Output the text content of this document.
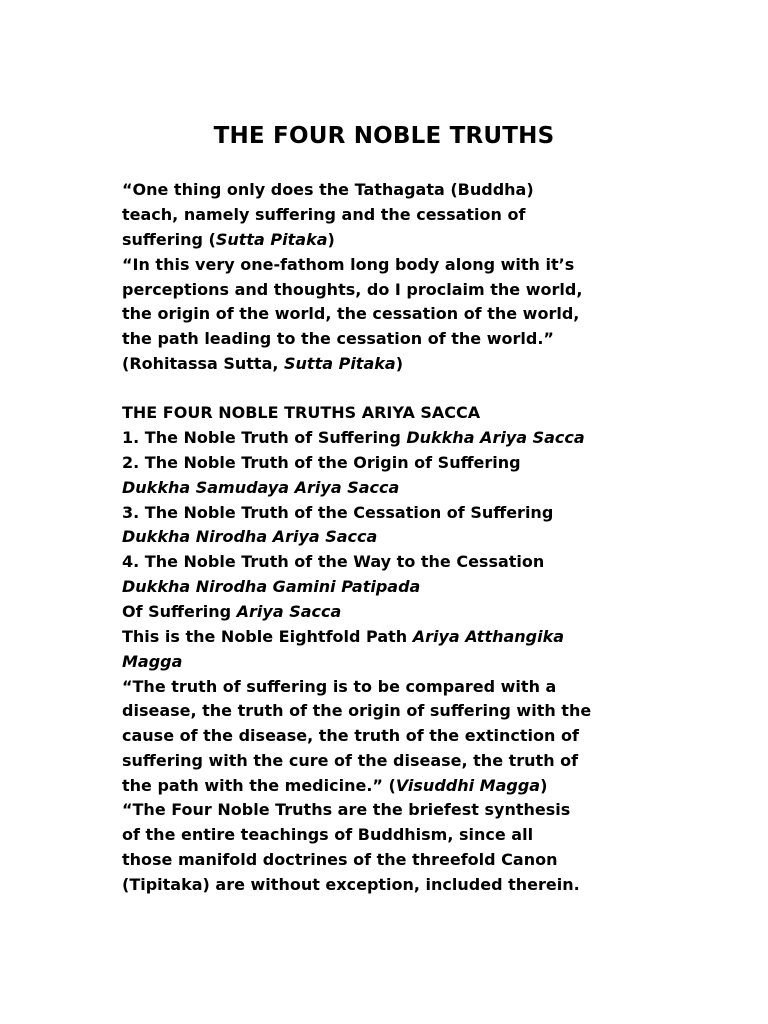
THE FOUR NOBLE TRUTHS
“One thing only does the Tathagata (Buddha)
teach, namely suffering and the cessation of
suffering (Sutta Pitaka)
“In this very one-fathom long body along with it’s
perceptions and thoughts, do I proclaim the world,
the origin of the world, the cessation of the world,
the path leading to the cessation of the world.”
(Rohitassa Sutta, Sutta Pitaka)
THE FOUR NOBLE TRUTHS ARIYA SACCA
1. The Noble Truth of Suffering Dukkha Ariya Sacca
2. The Noble Truth of the Origin of Suffering
Dukkha Samudaya Ariya Sacca
3. The Noble Truth of the Cessation of Suffering
Dukkha Nirodha Ariya Sacca
4. The Noble Truth of the Way to the Cessation
Dukkha Nirodha Gamini Patipada
Of Suffering Ariya Sacca
This is the Noble Eightfold Path Ariya Atthangika
Magga
“The truth of suffering is to be compared with a
disease, the truth of the origin of suffering with the
cause of the disease, the truth of the extinction of
suffering with the cure of the disease, the truth of
the path with the medicine.” (Visuddhi Magga)
“The Four Noble Truths are the briefest synthesis
of the entire teachings of Buddhism, since all
those manifold doctrines of the threefold Canon
(Tipitaka) are without exception, included therein.
